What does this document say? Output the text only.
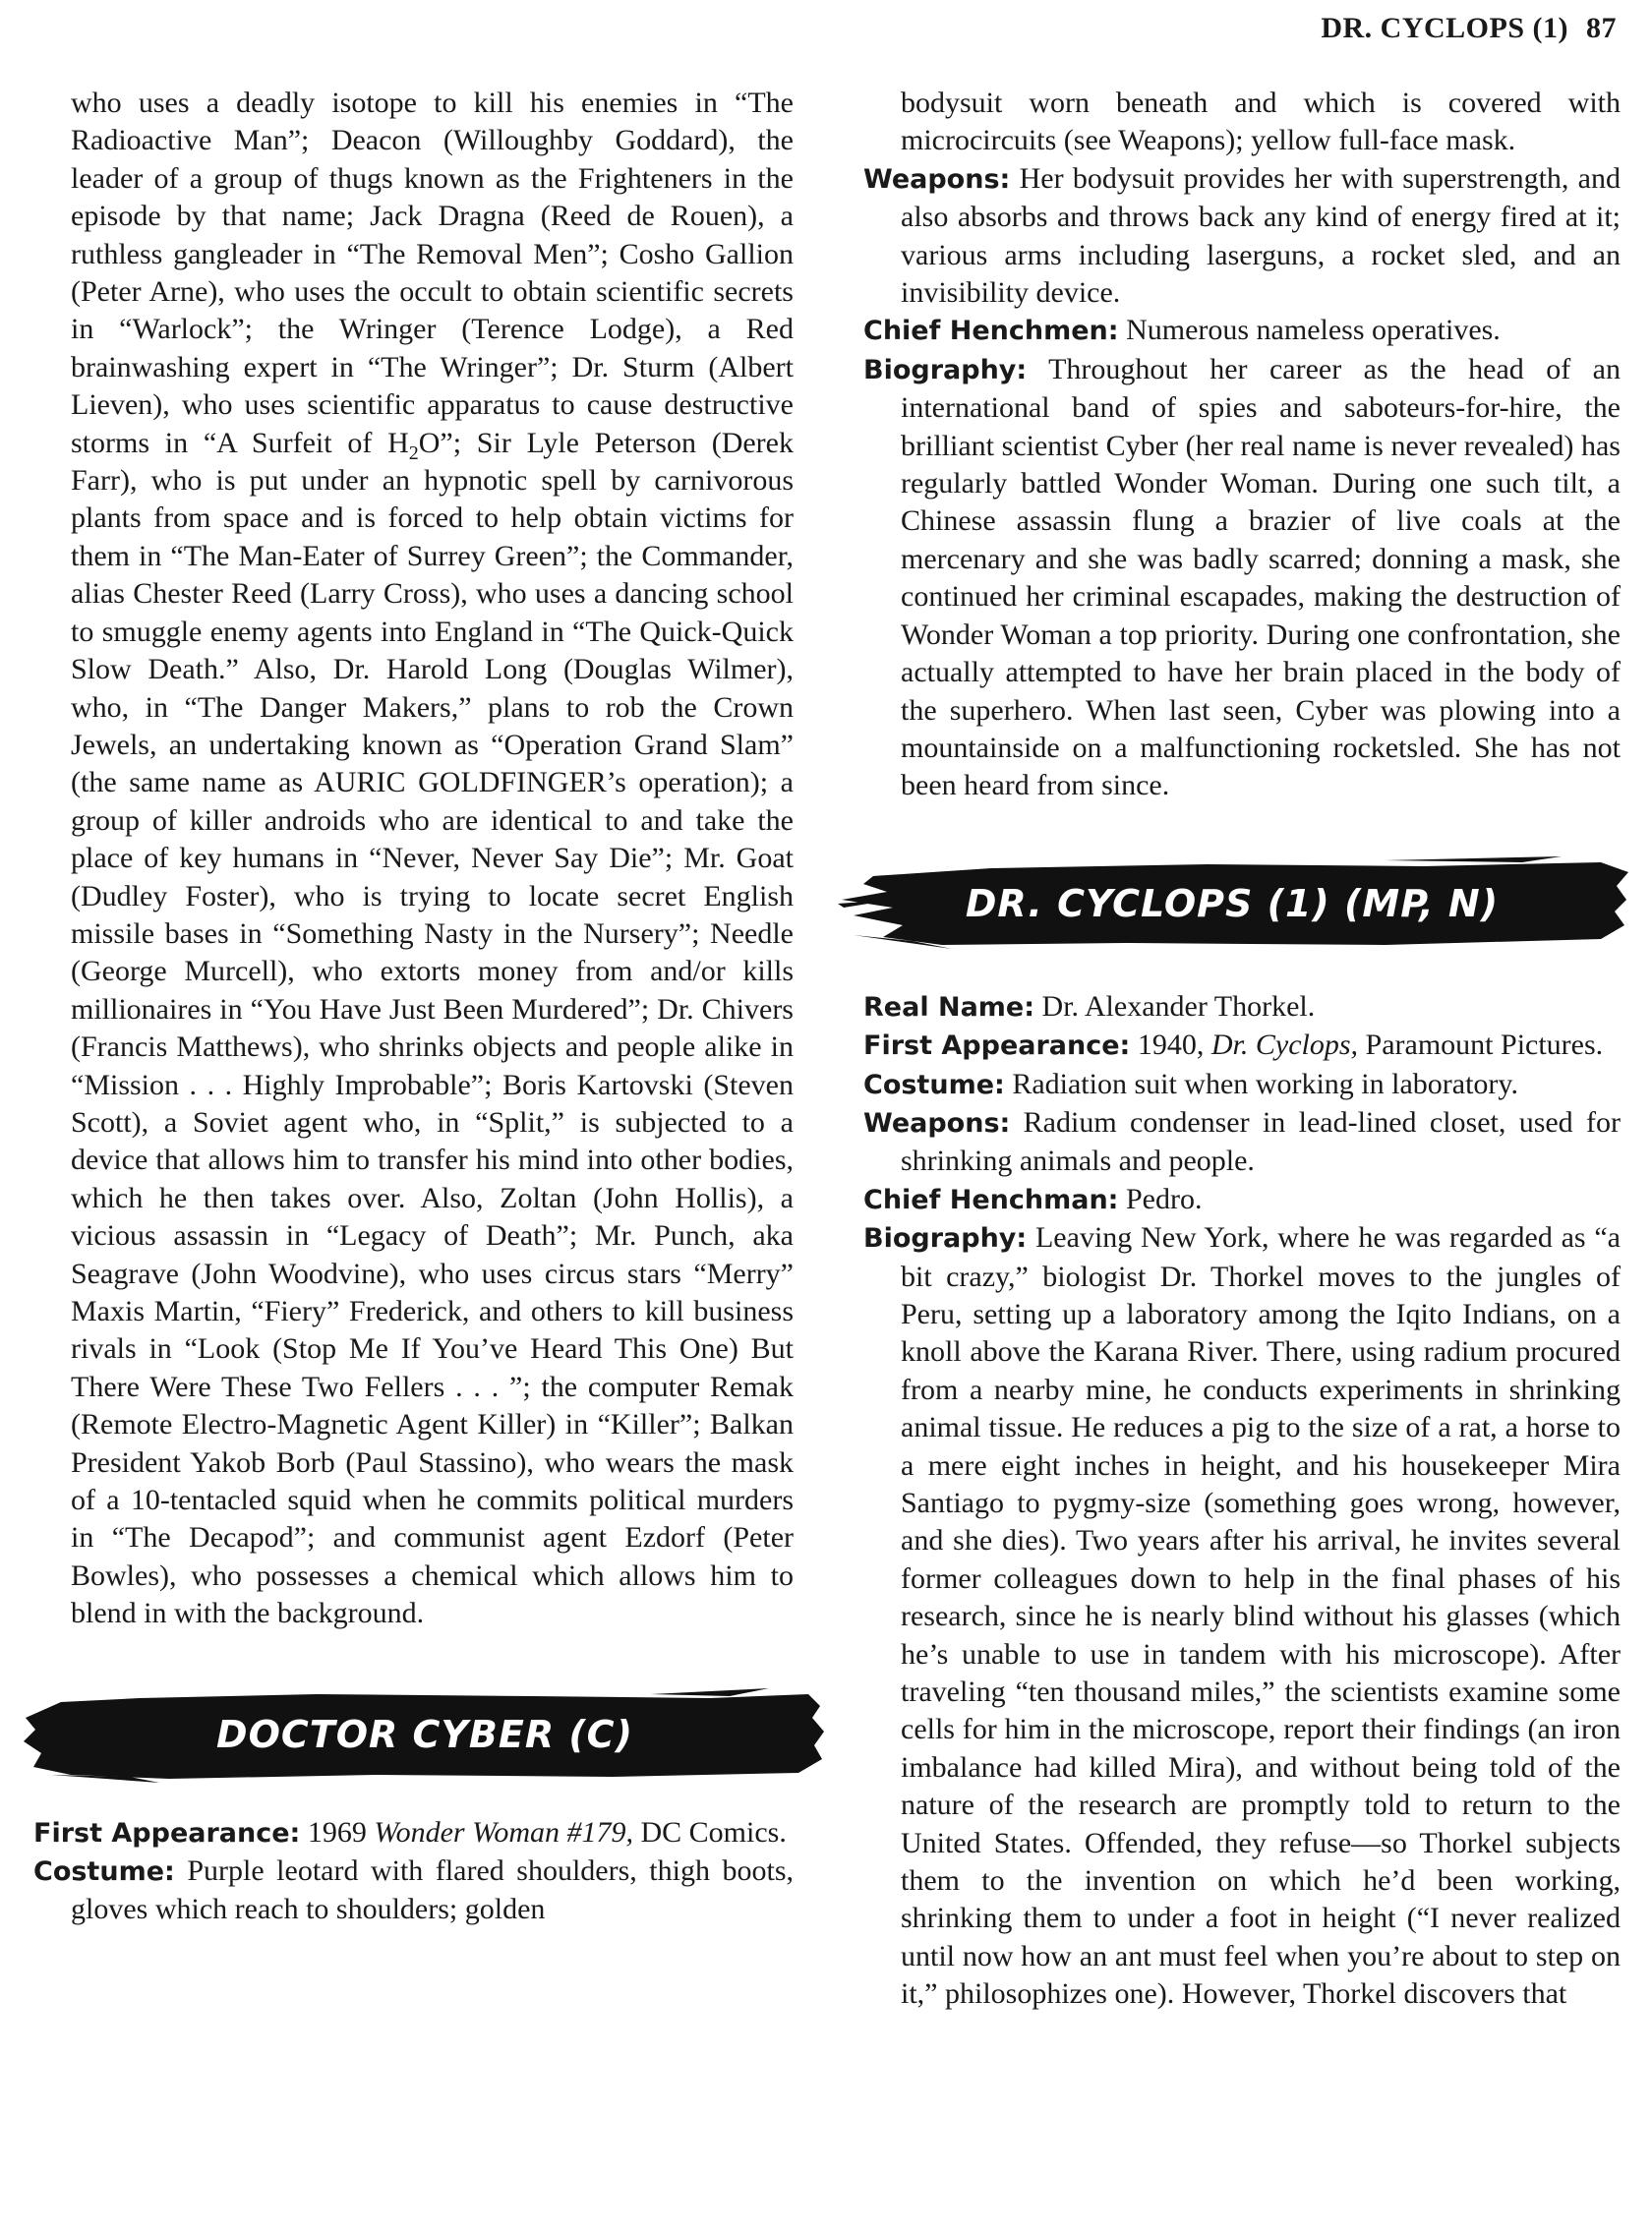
DR. CYCLOPS (1) 87

who uses a deadly isotope to kill his enemies in “The Radioactive Man”; Deacon (Willoughby Goddard), the leader of a group of thugs known as the Frighteners in the episode by that name; Jack Dragna (Reed de Rouen), a ruthless gangleader in “The Removal Men”; Cosho Gallion (Peter Arne), who uses the occult to obtain scientific secrets in “Warlock”; the Wringer (Terence Lodge), a Red brainwashing expert in “The Wringer”; Dr. Sturm (Albert Lieven), who uses scientific apparatus to cause destructive storms in “A Surfeit of $H_2O$”; Sir Lyle Peterson (Derek Farr), who is put under an hypnotic spell by carnivorous plants from space and is forced to help obtain victims for them in “The Man-Eater of Surrey Green”; the Commander, alias Chester Reed (Larry Cross), who uses a dancing school to smuggle enemy agents into England in “The Quick-Quick Slow Death.” Also, Dr. Harold Long (Douglas Wilmer), who, in “The Danger Makers,” plans to rob the Crown Jewels, an undertaking known as “Operation Grand Slam” (the same name as AURIC GOLDFINGER’s operation); a group of killer androids who are identical to and take the place of key humans in “Never, Never Say Die”; Mr. Goat (Dudley Foster), who is trying to locate secret English missile bases in “Something Nasty in the Nursery”; Needle (George Murcell), who extorts money from and/or kills millionaires in “You Have Just Been Murdered”; Dr. Chivers (Francis Matthews), who shrinks objects and people alike in “Mission . . . Highly Improbable”; Boris Kartovski (Steven Scott), a Soviet agent who, in “Split,” is subjected to a device that allows him to transfer his mind into other bodies, which he then takes over. Also, Zoltan (John Hollis), a vicious assassin in “Legacy of Death”; Mr. Punch, aka Seagrave (John Woodvine), who uses circus stars “Merry” Maxis Martin, “Fiery” Frederick, and others to kill business rivals in “Look (Stop Me If You’ve Heard This One) But There Were These Two Fellers . . . ”; the computer Remak (Remote Electro-Magnetic Agent Killer) in “Killer”; Balkan President Yakob Borb (Paul Stassino), who wears the mask of a 10-tentacled squid when he commits political murders in “The Decapod”; and communist agent Ezdorf (Peter Bowles), who possesses a chemical which allows him to blend in with the background.

DOCTOR CYBER (C)

First Appearance: 1969 Wonder Woman #179, DC Comics.

Costume: Purple leotard with flared shoulders, thigh boots, gloves which reach to shoulders; golden

bodysuit worn beneath and which is covered with microcircuits (see Weapons); yellow full-face mask.

Weapons: Her bodysuit provides her with superstrength, and also absorbs and throws back any kind of energy fired at it; various arms including laserguns, a rocket sled, and an invisibility device.

Chief Henchmen: Numerous nameless operatives.

Biography: Throughout her career as the head of an international band of spies and saboteurs-for-hire, the brilliant scientist Cyber (her real name is never revealed) has regularly battled Wonder Woman. During one such tilt, a Chinese assassin flung a brazier of live coals at the mercenary and she was badly scarred; donning a mask, she continued her criminal escapades, making the destruction of Wonder Woman a top priority. During one confrontation, she actually attempted to have her brain placed in the body of the superhero. When last seen, Cyber was plowing into a mountainside on a malfunctioning rocketsled. She has not been heard from since.

DR. CYCLOPS (1) (MP, N)

Real Name: Dr. Alexander Thorkel.

First Appearance: 1940, Dr. Cyclops, Paramount Pictures.

Costume: Radiation suit when working in laboratory.

Weapons: Radium condenser in lead-lined closet, used for shrinking animals and people.

Chief Henchman: Pedro.

Biography: Leaving New York, where he was regarded as “a bit crazy,” biologist Dr. Thorkel moves to the jungles of Peru, setting up a laboratory among the Iqito Indians, on a knoll above the Karana River. There, using radium procured from a nearby mine, he conducts experiments in shrinking animal tissue. He reduces a pig to the size of a rat, a horse to a mere eight inches in height, and his housekeeper Mira Santiago to pygmy-size (something goes wrong, however, and she dies). Two years after his arrival, he invites several former colleagues down to help in the final phases of his research, since he is nearly blind without his glasses (which he’s unable to use in tandem with his microscope). After traveling “ten thousand miles,” the scientists examine some cells for him in the microscope, report their findings (an iron imbalance had killed Mira), and without being told of the nature of the research are promptly told to return to the United States. Offended, they refuse—so Thorkel subjects them to the invention on which he’d been working, shrinking them to under a foot in height (“I never realized until now how an ant must feel when you’re about to step on it,” philosophizes one). However, Thorkel discovers that
